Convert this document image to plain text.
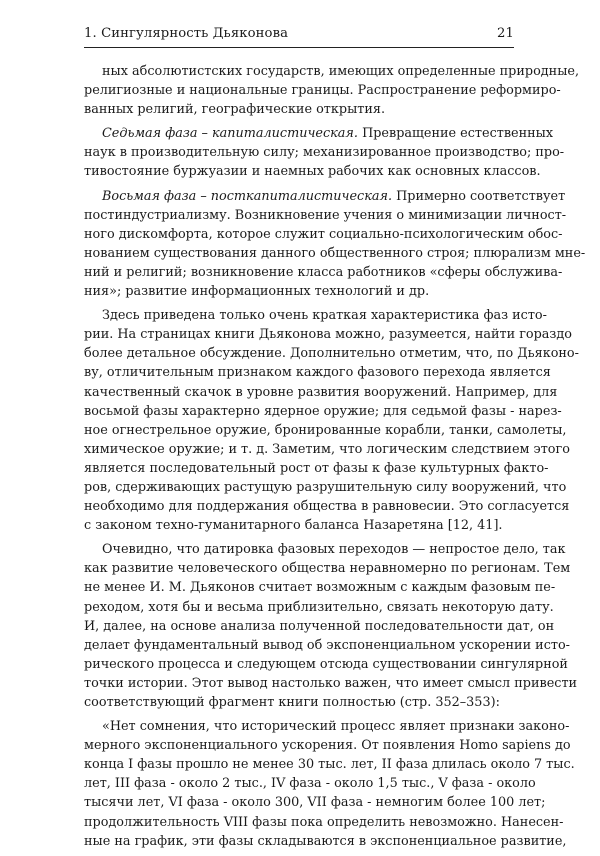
1. Сингулярность Дьяконова	21
ных абсолютистских государств, имеющих определенные природные,
религиозные и национальные границы. Распространение реформиро-
ванных религий, географические открытия.
Седьмая фаза – капиталистическая. Превращение естественных
наук в производительную силу; механизированное производство; про-
тивостояние буржуазии и наемных рабочих как основных классов.
Восьмая фаза – посткапиталистическая. Примерно соответствует
постиндустриализму. Возникновение учения о минимизации личност-
ного дискомфорта, которое служит социально-психологическим обос-
нованием существования данного общественного строя; плюрализм мне-
ний и религий; возникновение класса работников «сферы обслужива-
ния»; развитие информационных технологий и др.
Здесь приведена только очень краткая характеристика фаз исто-
рии. На страницах книги Дьяконова можно, разумеется, найти гораздо
более детальное обсуждение. Дополнительно отметим, что, по Дьяконо-
ву, отличительным признаком каждого фазового перехода является
качественный скачок в уровне развития вооружений. Например, для
восьмой фазы характерно ядерное оружие; для седьмой фазы - нарез-
ное огнестрельное оружие, бронированные корабли, танки, самолеты,
химическое оружие; и т. д. Заметим, что логическим следствием этого
является последовательный рост от фазы к фазе культурных факто-
ров, сдерживающих растущую разрушительную силу вооружений, что
необходимо для поддержания общества в равновесии. Это согласуется
с законом техно-гуманитарного баланса Назаретяна [12, 41].
Очевидно, что датировка фазовых переходов — непростое дело, так
как развитие человеческого общества неравномерно по регионам. Тем
не менее И. М. Дьяконов считает возможным с каждым фазовым пе-
реходом, хотя бы и весьма приблизительно, связать некоторую дату.
И, далее, на основе анализа полученной последовательности дат, он
делает фундаментальный вывод об экспоненциальном ускорении исто-
рического процесса и следующем отсюда существовании сингулярной
точки истории. Этот вывод настолько важен, что имеет смысл привести
соответствующий фрагмент книги полностью (стр. 352–353):
«Нет сомнения, что исторический процесс являет признаки законо-
мерного экспоненциального ускорения. От появления Homo sapiens до
конца I фазы прошло не менее 30 тыс. лет, II фаза длилась около 7 тыс.
лет, III фаза - около 2 тыс., IV фаза - около 1,5 тыс., V фаза - около
тысячи лет, VI фаза - около 300, VII фаза - немногим более 100 лет;
продолжительность VIII фазы пока определить невозможно. Нанесен-
ные на график, эти фазы складываются в экспоненциальное развитие,
